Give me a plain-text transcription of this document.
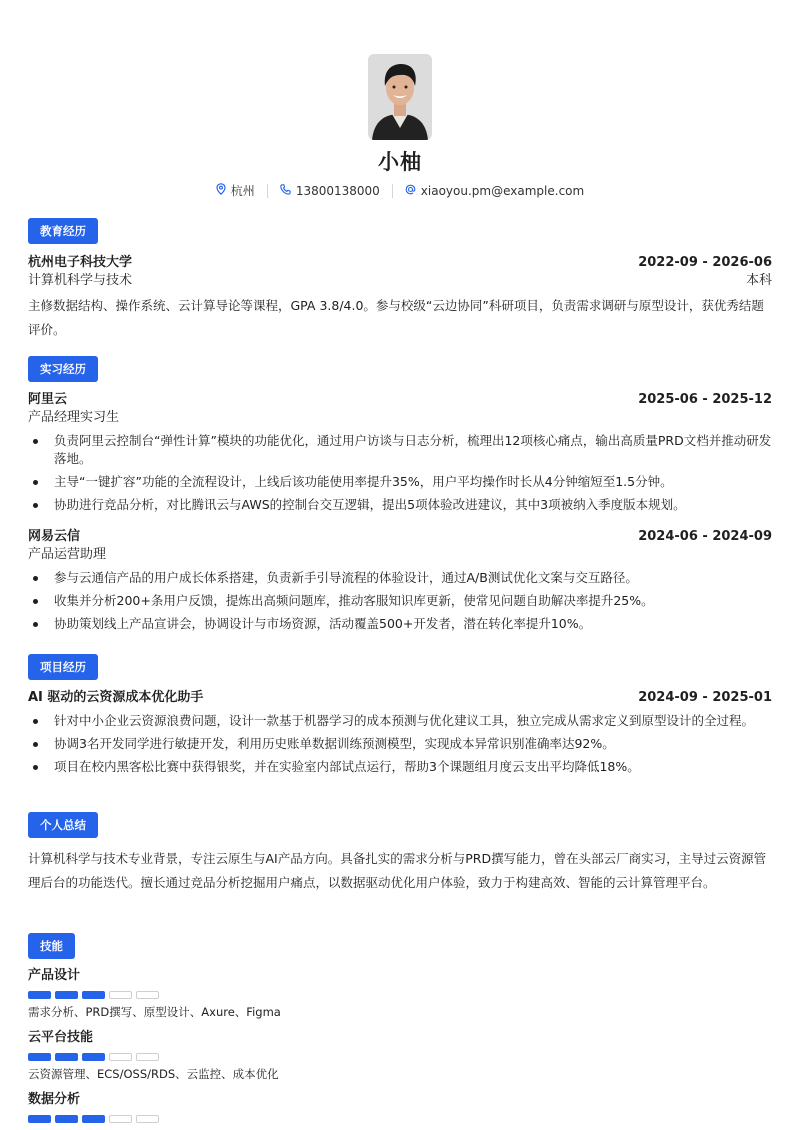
小柚
杭州	13800138000	xiaoyou.pm@example.com
教育经历
杭州电子科技大学	2022-09 - 2026-06
计算机科学与技术	本科
主修数据结构、操作系统、云计算导论等课程，GPA 3.8/4.0。参与校级“云边协同”科研项目，负责需求调研与原型设计，获优秀结题评价。
实习经历
阿里云	2025-06 - 2025-12
产品经理实习生
负责阿里云控制台“弹性计算”模块的功能优化，通过用户访谈与日志分析，梳理出12项核心痛点，输出高质量PRD文档并推动研发落地。
主导“一键扩容”功能的全流程设计，上线后该功能使用率提升35%，用户平均操作时长从4分钟缩短至1.5分钟。
协助进行竞品分析，对比腾讯云与AWS的控制台交互逻辑，提出5项体验改进建议，其中3项被纳入季度版本规划。
网易云信	2024-06 - 2024-09
产品运营助理
参与云通信产品的用户成长体系搭建，负责新手引导流程的体验设计，通过A/B测试优化文案与交互路径。
收集并分析200+条用户反馈，提炼出高频问题库，推动客服知识库更新，使常见问题自助解决率提升25%。
协助策划线上产品宣讲会，协调设计与市场资源，活动覆盖500+开发者，潜在转化率提升10%。
项目经历
AI 驱动的云资源成本优化助手	2024-09 - 2025-01
针对中小企业云资源浪费问题，设计一款基于机器学习的成本预测与优化建议工具，独立完成从需求定义到原型设计的全过程。
协调3名开发同学进行敏捷开发，利用历史账单数据训练预测模型，实现成本异常识别准确率达92%。
项目在校内黑客松比赛中获得银奖，并在实验室内部试点运行，帮助3个课题组月度云支出平均降低18%。
个人总结
计算机科学与技术专业背景，专注云原生与AI产品方向。具备扎实的需求分析与PRD撰写能力，曾在头部云厂商实习，主导过云资源管理后台的功能迭代。擅长通过竞品分析挖掘用户痛点，以数据驱动优化用户体验，致力于构建高效、智能的云计算管理平台。
技能
产品设计
需求分析、PRD撰写、原型设计、Axure、Figma
云平台技能
云资源管理、ECS/OSS/RDS、云监控、成本优化
数据分析
